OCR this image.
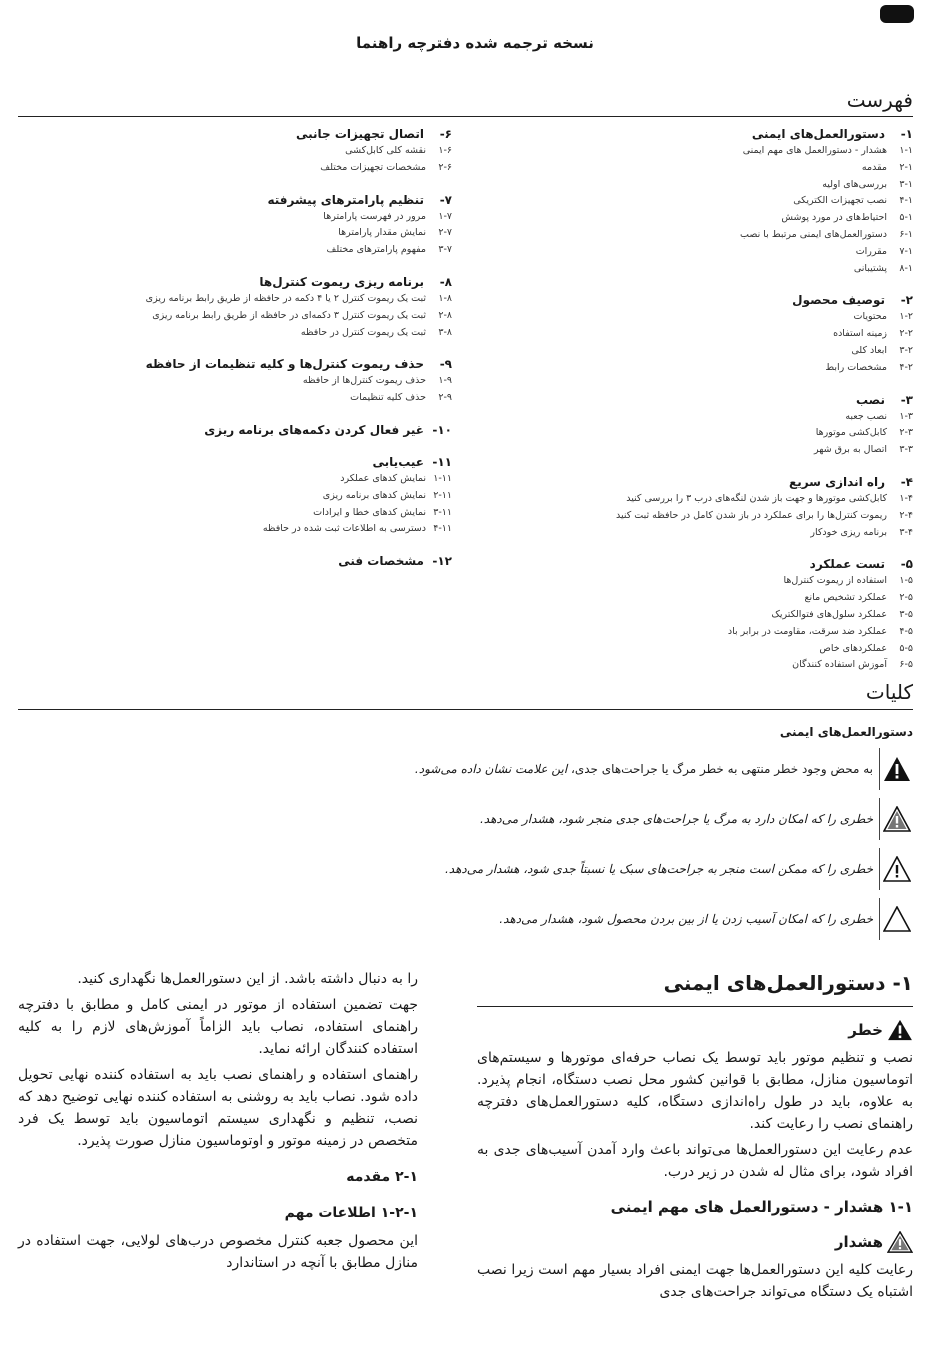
نسخه ترجمه شده دفترچه راهنما
فهرست
۱-
دستورالعمل‌های ایمنی
۱-۱
هشدار - دستورالعمل های مهم ایمنی
۲-۱
مقدمه
۳-۱
بررسی‌های اولیه
۴-۱
نصب تجهیزات الکتریکی
۵-۱
احتیاط‌های در مورد پوشش
۶-۱
دستورالعمل‌های ایمنی مرتبط با نصب
۷-۱
مقررات
۸-۱
پشتیبانی
۲-
توصیف محصول
۱-۲
محتویات
۲-۲
زمینه استفاده
۳-۲
ابعاد کلی
۴-۲
مشخصات رابط
۳-
نصب
۱-۳
نصب جعبه
۲-۳
کابل‌کشی موتورها
۳-۳
اتصال به برق شهر
۴-
راه اندازی سریع
۱-۴
کابل‌کشی موتورها و جهت باز شدن لنگه‌های درب ۳ را بررسی کنید
۲-۴
ریموت کنترل‌ها را برای عملکرد در باز شدن کامل در حافظه ثبت کنید
۳-۴
برنامه ریزی خودکار
۵-
تست عملکرد
۱-۵
استفاده از ریموت کنترل‌ها
۲-۵
عملکرد تشخیص مانع
۳-۵
عملکرد سلول‌های فتوالکتریک
۴-۵
عملکرد ضد سرقت، مقاومت در برابر باد
۵-۵
عملکردهای خاص
۶-۵
آموزش استفاده کنندگان
۶-
اتصال تجهیزات جانبی
۱-۶
نقشه کلی کابل‌کشی
۲-۶
مشخصات تجهیزات مختلف
۷-
تنظیم پارامترهای پیشرفته
۱-۷
مرور در فهرست پارامترها
۲-۷
نمایش مقدار پارامترها
۳-۷
مفهوم پارامترهای مختلف
۸-
برنامه ریزی ریموت کنترل‌ها
۱-۸
ثبت یک ریموت کنترل ۲ یا ۴ دکمه در حافظه از طریق رابط برنامه ریزی
۲-۸
ثبت یک ریموت کنترل ۳ دکمه‌ای در حافظه از طریق رابط برنامه ریزی
۳-۸
ثبت یک ریموت کنترل در حافظه
۹-
حذف ریموت کنترل‌ها و کلیه تنظیمات از حافظه
۱-۹
حذف ریموت کنترل‌ها از حافظه
۲-۹
حذف کلیه تنظیمات
۱۰-
غیر فعال کردن دکمه‌های برنامه ریزی
۱۱-
عیب‌یابی
۱-۱۱
نمایش کدهای عملکرد
۲-۱۱
نمایش کدهای برنامه ریزی
۳-۱۱
نمایش کدهای خطا و ایرادات
۴-۱۱
دسترسی به اطلاعات ثبت شده در حافظه
۱۲-
مشخصات فنی
کلیات
دستورالعمل‌های ایمنی
به محض وجود خطر منتهی به خطر مرگ یا جراحت‌های جدی، این علامت نشان داده می‌شود.
خطری را که امکان دارد به مرگ یا جراحت‌های جدی منجر شود، هشدار می‌دهد.
خطری را که ممکن است منجر به جراحت‌های سبک یا نسبتاً جدی شود، هشدار می‌دهد.
خطری را که امکان آسیب زدن یا از بین بردن محصول شود، هشدار می‌دهد.
۱- دستورالعمل‌های ایمنی
خطر

نصب و تنظیم موتور باید توسط یک نصاب حرفه‌ای موتورها و سیستم‌های اتوماسیون منازل، مطابق با قوانین کشور محل نصب دستگاه، انجام پذیرد. به علاوه، باید در طول راه‌اندازی دستگاه، کلیه دستورالعمل‌های دفترچه راهنمای نصب را رعایت کند.

عدم رعایت این دستورالعمل‌ها می‌تواند باعث وارد آمدن آسیب‌های جدی به افراد شود، برای مثال له شدن در زیر درب.

۱-۱ هشدار - دستورالعمل های مهم ایمنی
هشدار

رعایت کلیه این دستورالعمل‌ها جهت ایمنی افراد بسیار مهم است زیرا نصب اشتباه یک دستگاه می‌تواند جراحت‌های جدی

را به دنبال داشته باشد. از این دستورالعمل‌ها نگهداری کنید.

جهت تضمین استفاده از موتور در ایمنی کامل و مطابق با دفترچه راهنمای استفاده، نصاب باید الزاماً آموزش‌های لازم را به کلیه استفاده کنندگان ارائه نماید.

راهنمای استفاده و راهنمای نصب باید به استفاده کننده نهایی تحویل داده شود. نصاب باید به روشنی به استفاده کننده نهایی توضیح دهد که نصب، تنظیم و نگهداری سیستم اتوماسیون باید توسط یک فرد متخصص در زمینه موتور و اوتوماسیون منازل صورت پذیرد.

۲-۱ مقدمه
۱-۲-۱ اطلاعات مهم

این محصول جعبه کنترل مخصوص درب‌های لولایی، جهت استفاده در منازل مطابق با آنچه در استاندارد
